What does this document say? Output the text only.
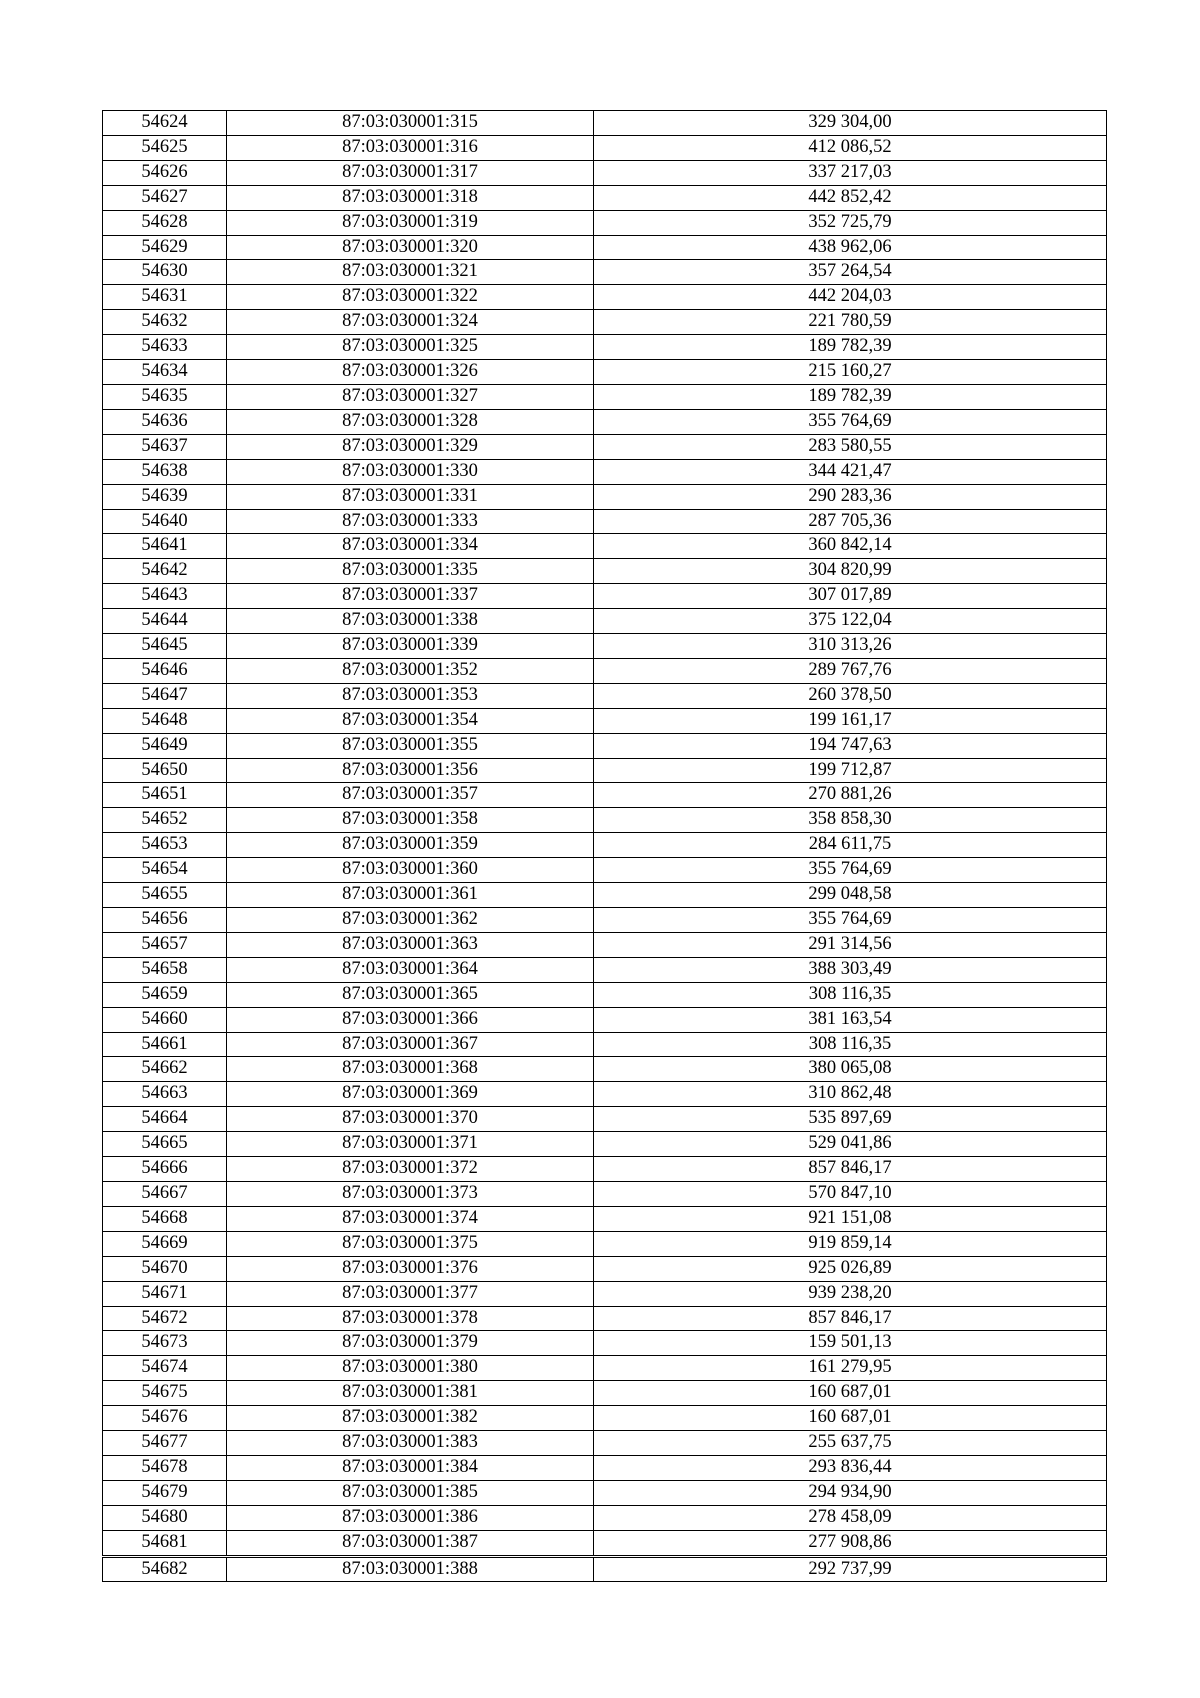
54624	87:03:030001:315	329 304,00
54625	87:03:030001:316	412 086,52
54626	87:03:030001:317	337 217,03
54627	87:03:030001:318	442 852,42
54628	87:03:030001:319	352 725,79
54629	87:03:030001:320	438 962,06
54630	87:03:030001:321	357 264,54
54631	87:03:030001:322	442 204,03
54632	87:03:030001:324	221 780,59
54633	87:03:030001:325	189 782,39
54634	87:03:030001:326	215 160,27
54635	87:03:030001:327	189 782,39
54636	87:03:030001:328	355 764,69
54637	87:03:030001:329	283 580,55
54638	87:03:030001:330	344 421,47
54639	87:03:030001:331	290 283,36
54640	87:03:030001:333	287 705,36
54641	87:03:030001:334	360 842,14
54642	87:03:030001:335	304 820,99
54643	87:03:030001:337	307 017,89
54644	87:03:030001:338	375 122,04
54645	87:03:030001:339	310 313,26
54646	87:03:030001:352	289 767,76
54647	87:03:030001:353	260 378,50
54648	87:03:030001:354	199 161,17
54649	87:03:030001:355	194 747,63
54650	87:03:030001:356	199 712,87
54651	87:03:030001:357	270 881,26
54652	87:03:030001:358	358 858,30
54653	87:03:030001:359	284 611,75
54654	87:03:030001:360	355 764,69
54655	87:03:030001:361	299 048,58
54656	87:03:030001:362	355 764,69
54657	87:03:030001:363	291 314,56
54658	87:03:030001:364	388 303,49
54659	87:03:030001:365	308 116,35
54660	87:03:030001:366	381 163,54
54661	87:03:030001:367	308 116,35
54662	87:03:030001:368	380 065,08
54663	87:03:030001:369	310 862,48
54664	87:03:030001:370	535 897,69
54665	87:03:030001:371	529 041,86
54666	87:03:030001:372	857 846,17
54667	87:03:030001:373	570 847,10
54668	87:03:030001:374	921 151,08
54669	87:03:030001:375	919 859,14
54670	87:03:030001:376	925 026,89
54671	87:03:030001:377	939 238,20
54672	87:03:030001:378	857 846,17
54673	87:03:030001:379	159 501,13
54674	87:03:030001:380	161 279,95
54675	87:03:030001:381	160 687,01
54676	87:03:030001:382	160 687,01
54677	87:03:030001:383	255 637,75
54678	87:03:030001:384	293 836,44
54679	87:03:030001:385	294 934,90
54680	87:03:030001:386	278 458,09
54681	87:03:030001:387	277 908,86
54682	87:03:030001:388	292 737,99
